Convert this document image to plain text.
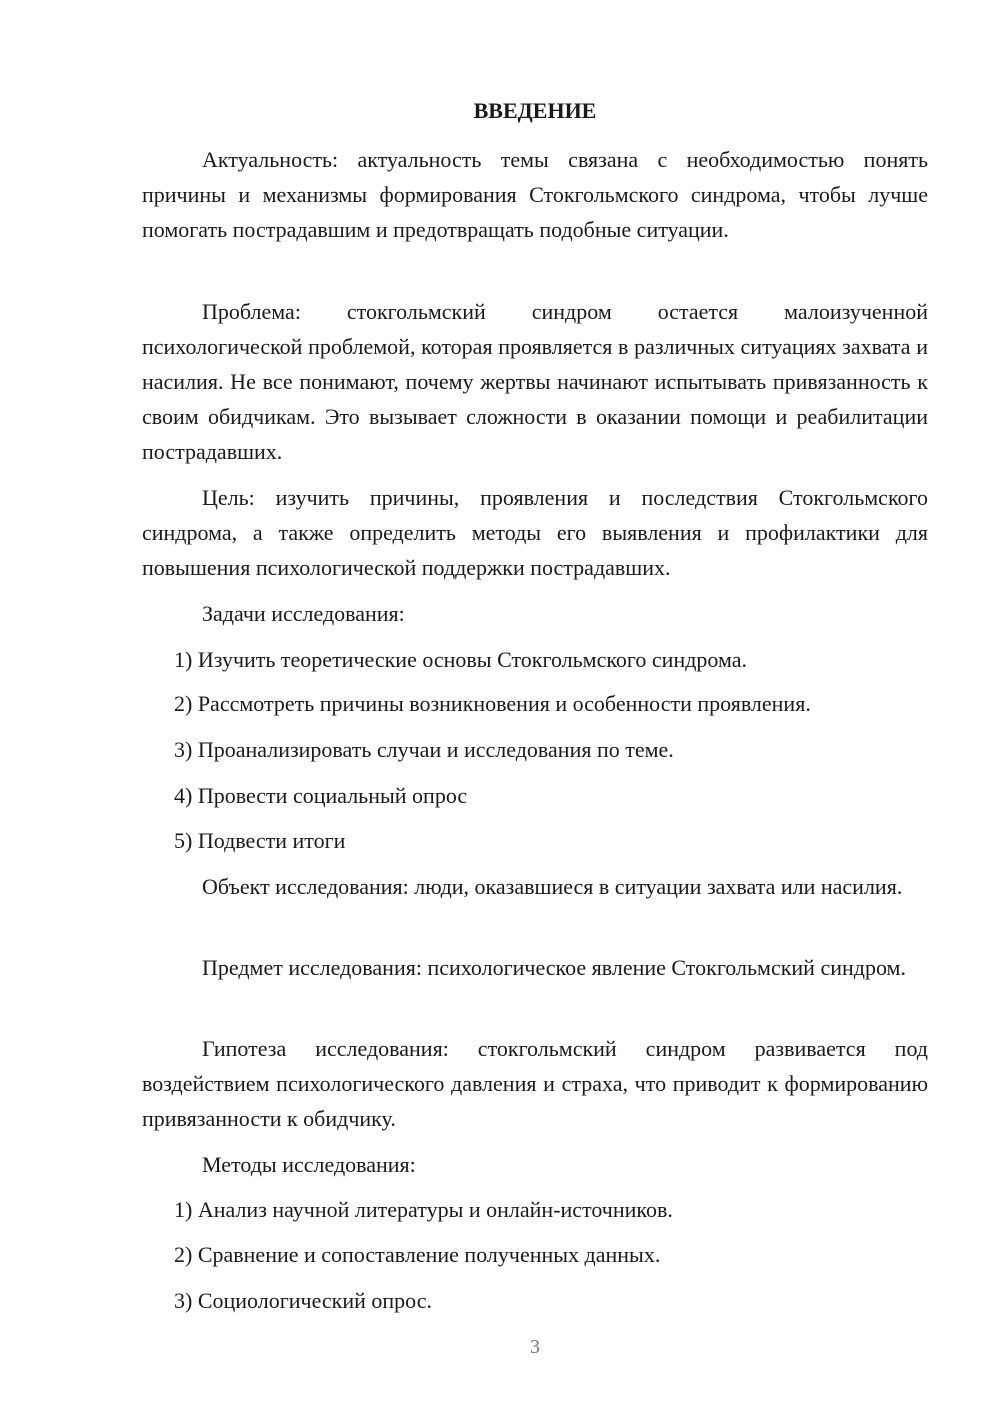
ВВЕДЕНИЕ

Актуальность: актуальность темы связана с необходимостью понять причины и механизмы формирования Стокгольмского синдрома, чтобы лучше помогать пострадавшим и предотвращать подобные ситуации.

Проблема: стокгольмский синдром остается малоизученной психологической проблемой, которая проявляется в различных ситуациях захвата и насилия. Не все понимают, почему жертвы начинают испытывать привязанность к своим обидчикам. Это вызывает сложности в оказании помощи и реабилитации пострадавших.

Цель: изучить причины, проявления и последствия Стокгольмского синдрома, а также определить методы его выявления и профилактики для повышения психологической поддержки пострадавших.

Задачи исследования:

1) Изучить теоретические основы Стокгольмского синдрома.

2) Рассмотреть причины возникновения и особенности проявления.

3) Проанализировать случаи и исследования по теме.

4) Провести социальный опрос

5) Подвести итоги

Объект исследования: люди, оказавшиеся в ситуации захвата или насилия.

Предмет исследования: психологическое явление Стокгольмский синдром.

Гипотеза исследования: стокгольмский синдром развивается под воздействием психологического давления и страха, что приводит к формированию привязанности к обидчику.

Методы исследования:

1) Анализ научной литературы и онлайн-источников.

2) Сравнение и сопоставление полученных данных.

3) Социологический опрос.

3
